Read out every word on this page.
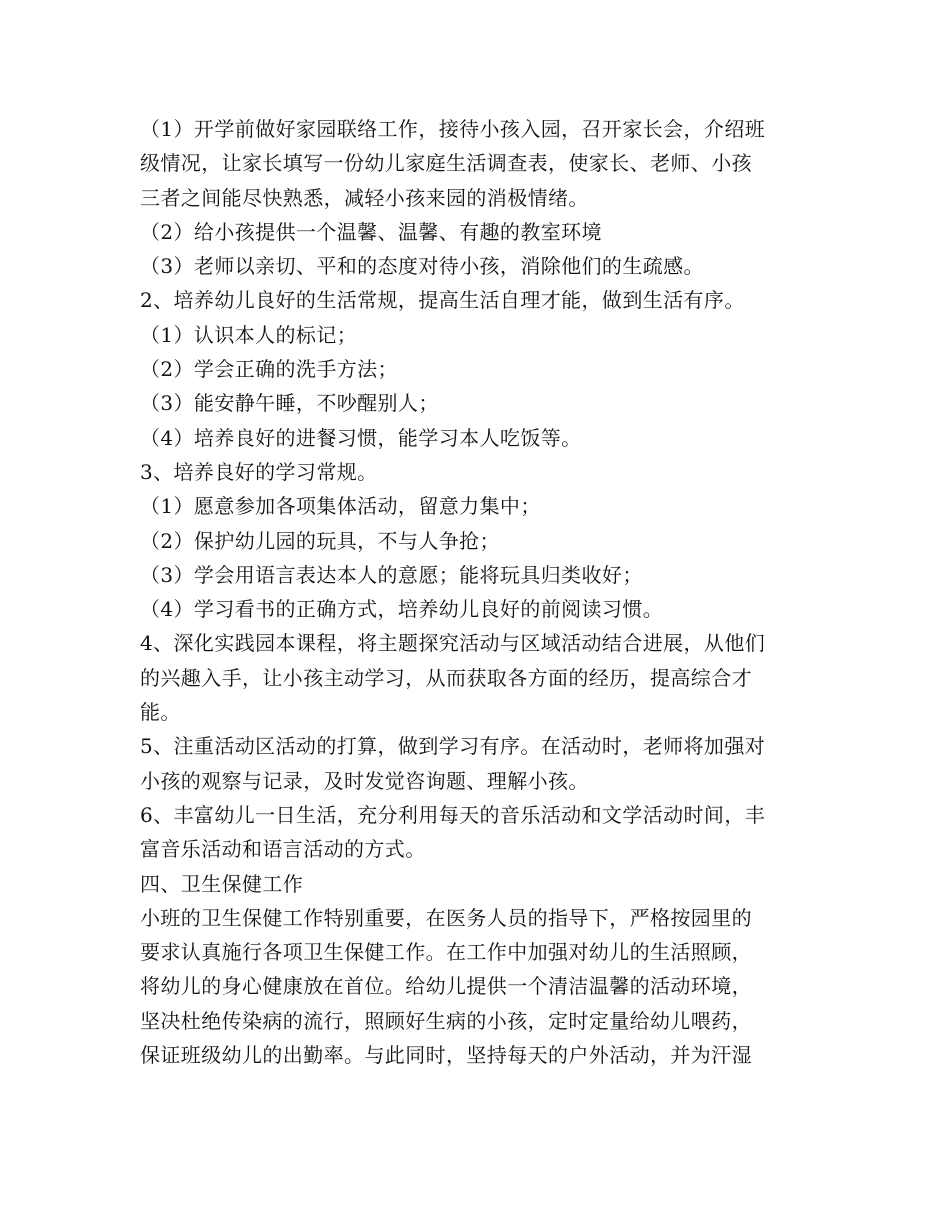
（1）开学前做好家园联络工作，接待小孩入园，召开家长会，介绍班
级情况，让家长填写一份幼儿家庭生活调查表，使家长、老师、小孩
三者之间能尽快熟悉，减轻小孩来园的消极情绪。
（2）给小孩提供一个温馨、温馨、有趣的教室环境
（3）老师以亲切、平和的态度对待小孩，消除他们的生疏感。
2、培养幼儿良好的生活常规，提高生活自理才能，做到生活有序。
（1）认识本人的标记；
（2）学会正确的洗手方法；
（3）能安静午睡，不吵醒别人；
（4）培养良好的进餐习惯，能学习本人吃饭等。
3、培养良好的学习常规。
（1）愿意参加各项集体活动，留意力集中；
（2）保护幼儿园的玩具，不与人争抢；
（3）学会用语言表达本人的意愿；能将玩具归类收好；
（4）学习看书的正确方式，培养幼儿良好的前阅读习惯。
4、深化实践园本课程，将主题探究活动与区域活动结合进展，从他们
的兴趣入手，让小孩主动学习，从而获取各方面的经历，提高综合才
能。
5、注重活动区活动的打算，做到学习有序。在活动时，老师将加强对
小孩的观察与记录，及时发觉咨询题、理解小孩。
6、丰富幼儿一日生活，充分利用每天的音乐活动和文学活动时间，丰
富音乐活动和语言活动的方式。
四、卫生保健工作
小班的卫生保健工作特别重要，在医务人员的指导下，严格按园里的
要求认真施行各项卫生保健工作。在工作中加强对幼儿的生活照顾，
将幼儿的身心健康放在首位。给幼儿提供一个清洁温馨的活动环境，
坚决杜绝传染病的流行，照顾好生病的小孩，定时定量给幼儿喂药，
保证班级幼儿的出勤率。与此同时，坚持每天的户外活动，并为汗湿
